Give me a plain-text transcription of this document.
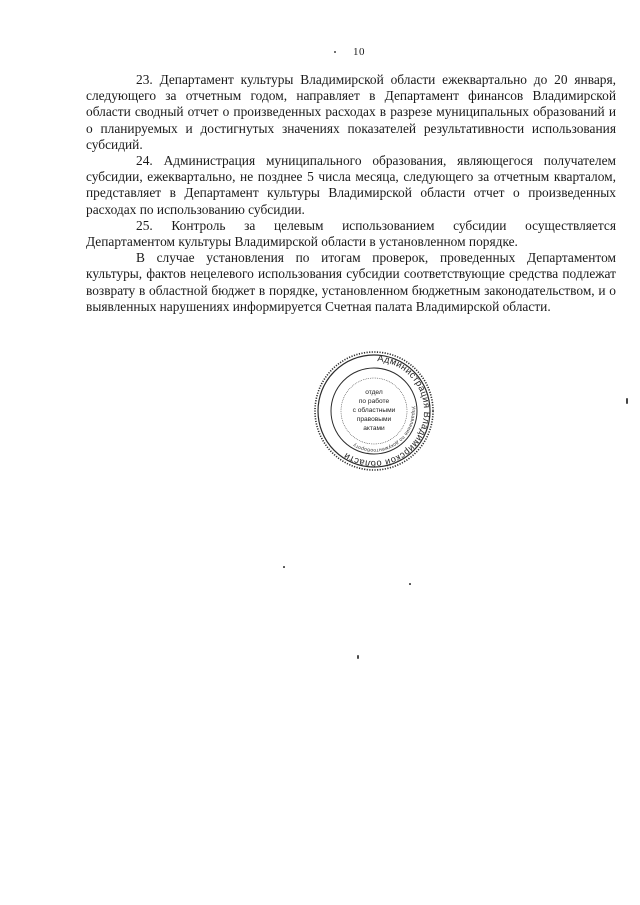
10

23. Департамент культуры Владимирской области ежеквартально до 20 января, следующего за отчетным годом, направляет в Департамент финансов Владимирской области сводный отчет о произведенных расходах в разрезе муниципальных образований и о планируемых и достигнутых значениях показателей результативности использования субсидий.

24. Администрация муниципального образования, являющегося получателем субсидии, ежеквартально, не позднее 5 числа месяца, следующего за отчетным кварталом, представляет в Департамент культуры Владимирской области отчет о произведенных расходах по использованию субсидии.

25. Контроль за целевым использованием субсидии осуществляется Департаментом культуры Владимирской области в установленном порядке.

В случае установления по итогам проверок, проведенных Департаментом культуры, фактов нецелевого использования субсидии соответствующие средства подлежат возврату в областной бюджет в порядке, установленном бюджетным законодательством, и о выявленных нарушениях информируется Счетная палата Владимирской области.

Администрация Владимирской области
Управление по документообороту
отдел
по работе
с областными
правовыми
актами
